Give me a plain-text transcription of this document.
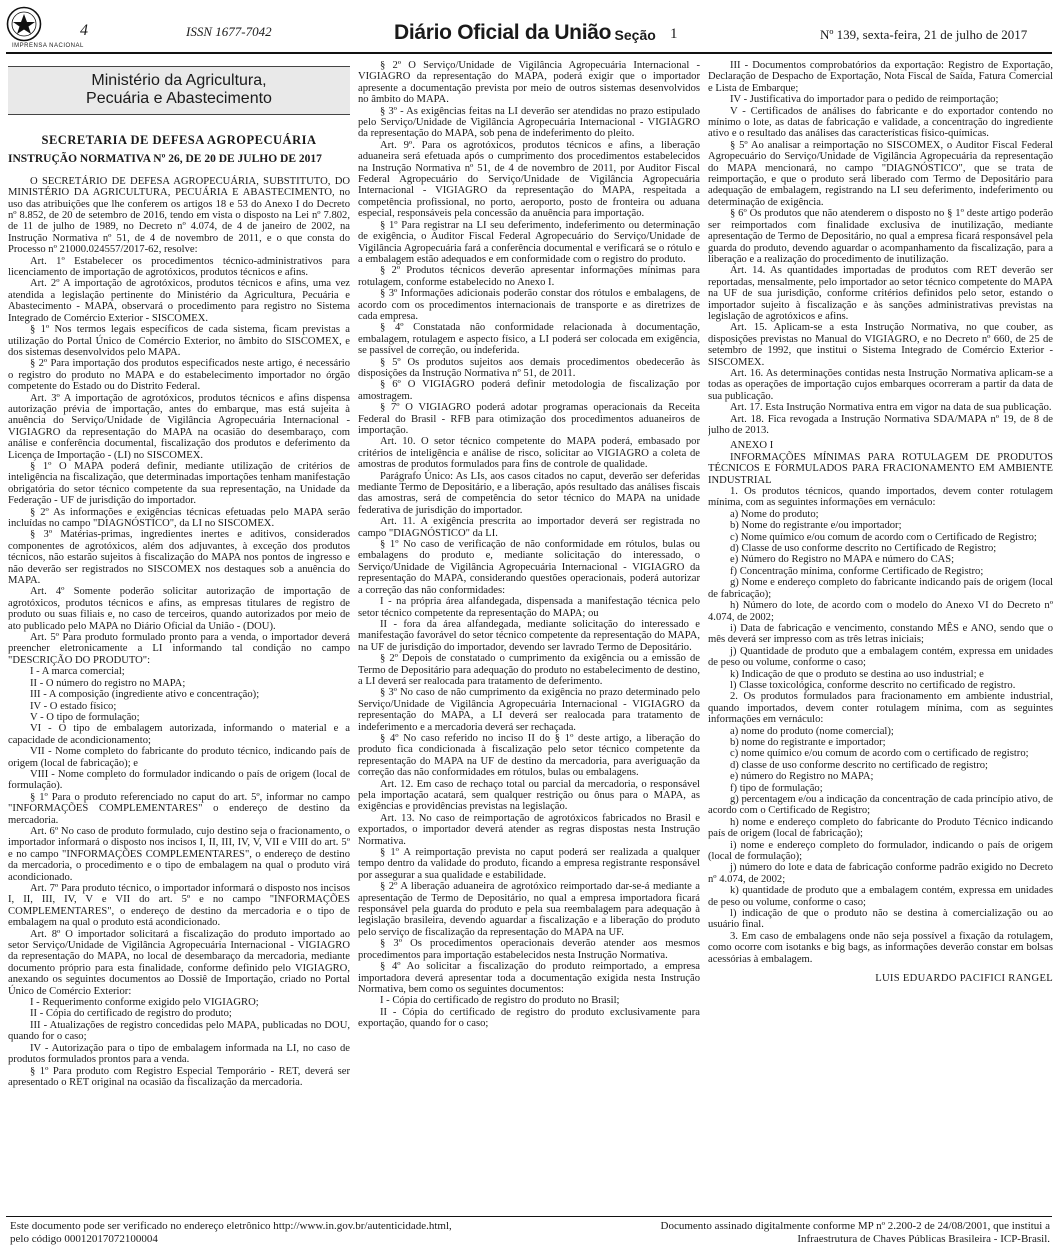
IMPRENSA NACIONAL
4	ISSN 1677-7042	Diário Oficial da União
- Seção 1	Nº 139, sexta-feira, 21 de julho de 2017
Ministério da Agricultura,
Pecuária e Abastecimento
SECRETARIA DE DEFESA AGROPECUÁRIA
INSTRUÇÃO NORMATIVA Nº 26, DE 20 DE JULHO DE 2017

O SECRETÁRIO DE DEFESA AGROPECUÁRIA, SUBSTITUTO, DO MINISTÉRIO DA AGRICULTURA, PECUÁRIA E ABASTECIMENTO, no uso das atribuições que lhe conferem os artigos 18 e 53 do Anexo I do Decreto nº 8.852, de 20 de setembro de 2016, tendo em vista o disposto na Lei nº 7.802, de 11 de julho de 1989, no Decreto nº 4.074, de 4 de janeiro de 2002, na Instrução Normativa nº 51, de 4 de novembro de 2011, e o que consta do Processo nº 21000.024557/2017-62, resolve:

Art. 1º Estabelecer os procedimentos técnico-administrativos para licenciamento de importação de agrotóxicos, produtos técnicos e afins.

Art. 2º A importação de agrotóxicos, produtos técnicos e afins, uma vez atendida a legislação pertinente do Ministério da Agricultura, Pecuária e Abastecimento - MAPA, observará o procedimento para registro no Sistema Integrado de Comércio Exterior - SISCOMEX.

§ 1º Nos termos legais específicos de cada sistema, ficam previstas a utilização do Portal Único de Comércio Exterior, no âmbito do SISCOMEX, e dos sistemas desenvolvidos pelo MAPA.

§ 2º Para importação dos produtos especificados neste artigo, é necessário o registro do produto no MAPA e do estabelecimento importador no órgão competente do Estado ou do Distrito Federal.

Art. 3º A importação de agrotóxicos, produtos técnicos e afins dispensa autorização prévia de importação, antes do embarque, mas está sujeita à anuência do Serviço/Unidade de Vigilância Agropecuária Internacional - VIGIAGRO da representação do MAPA na ocasião do desembaraço, com análise e conferência documental, fiscalização dos produtos e deferimento da Licença de Importação - (LI) no SISCOMEX.

§ 1º O MAPA poderá definir, mediante utilização de critérios de inteligência na fiscalização, que determinadas importações tenham manifestação obrigatória do setor técnico competente da sua representação, na Unidade da Federação - UF de jurisdição do importador.

§ 2º As informações e exigências técnicas efetuadas pelo MAPA serão incluídas no campo "DIAGNÓSTICO", da LI no SISCOMEX.

§ 3º Matérias-primas, ingredientes inertes e aditivos, considerados componentes de agrotóxicos, além dos adjuvantes, à exceção dos produtos técnicos, não estarão sujeitos à fiscalização do MAPA nos pontos de ingresso e não deverão ser registrados no SISCOMEX nos destaques sob a anuência do MAPA.

Art. 4º Somente poderão solicitar autorização de importação de agrotóxicos, produtos técnicos e afins, as empresas titulares de registro de produto ou suas filiais e, no caso de terceiros, quando autorizados por meio de ato publicado pelo MAPA no Diário Oficial da União - (DOU).

Art. 5º Para produto formulado pronto para a venda, o importador deverá preencher eletronicamente a LI informando tal condição no campo "DESCRIÇÃO DO PRODUTO":

I - A marca comercial;

II - O número do registro no MAPA;

III - A composição (ingrediente ativo e concentração);

IV - O estado físico;

V - O tipo de formulação;

VI - O tipo de embalagem autorizada, informando o material e a capacidade de acondicionamento;

VII - Nome completo do fabricante do produto técnico, indicando país de origem (local de fabricação); e

VIII - Nome completo do formulador indicando o país de origem (local de formulação).

§ 1º Para o produto referenciado no caput do art. 5º, informar no campo "INFORMAÇÕES COMPLEMENTARES" o endereço de destino da mercadoria.

Art. 6º No caso de produto formulado, cujo destino seja o fracionamento, o importador informará o disposto nos incisos I, II, III, IV, V, VII e VIII do art. 5º e no campo "INFORMAÇÕES COMPLEMENTARES", o endereço de destino da mercadoria, o procedimento e o tipo de embalagem na qual o produto virá acondicionado.

Art. 7º Para produto técnico, o importador informará o disposto nos incisos I, II, III, IV, V e VII do art. 5º e no campo "INFORMAÇÕES COMPLEMENTARES", o endereço de destino da mercadoria e o tipo de embalagem na qual o produto está acondicionado.

Art. 8º O importador solicitará a fiscalização do produto importado ao setor Serviço/Unidade de Vigilância Agropecuária Internacional - VIGIAGRO da representação do MAPA, no local de desembaraço da mercadoria, mediante documento próprio para esta finalidade, conforme definido pelo VIGIAGRO, anexando os seguintes documentos ao Dossiê de Importação, criado no Portal Único de Comércio Exterior:

I - Requerimento conforme exigido pelo VIGIAGRO;

II - Cópia do certificado de registro do produto;

III - Atualizações de registro concedidas pelo MAPA, publicadas no DOU, quando for o caso;

IV - Autorização para o tipo de embalagem informada na LI, no caso de produtos formulados prontos para a venda.

§ 1º Para produto com Registro Especial Temporário - RET, deverá ser apresentado o RET original na ocasião da fiscalização da mercadoria.

§ 2º O Serviço/Unidade de Vigilância Agropecuária Internacional - VIGIAGRO da representação do MAPA, poderá exigir que o importador apresente a documentação prevista por meio de outros sistemas desenvolvidos no âmbito do MAPA.

§ 3º - As exigências feitas na LI deverão ser atendidas no prazo estipulado pelo Serviço/Unidade de Vigilância Agropecuária Internacional - VIGIAGRO da representação do MAPA, sob pena de indeferimento do pleito.

Art. 9º. Para os agrotóxicos, produtos técnicos e afins, a liberação aduaneira será efetuada após o cumprimento dos procedimentos estabelecidos na Instrução Normativa nº 51, de 4 de novembro de 2011, por Auditor Fiscal Federal Agropecuário do Serviço/Unidade de Vigilância Agropecuária Internacional - VIGIAGRO da representação do MAPA, respeitada a competência profissional, no porto, aeroporto, posto de fronteira ou aduana especial, responsáveis pela concessão da anuência para importação.

§ 1º Para registrar na LI seu deferimento, indeferimento ou determinação de exigência, o Auditor Fiscal Federal Agropecuário do Serviço/Unidade de Vigilância Agropecuária fará a conferência documental e verificará se o rótulo e a embalagem estão adequados e em conformidade com o registro do produto.

§ 2º Produtos técnicos deverão apresentar informações mínimas para rotulagem, conforme estabelecido no Anexo I.

§ 3º Informações adicionais poderão constar dos rótulos e embalagens, de acordo com os procedimentos internacionais de transporte e as diretrizes de cada empresa.

§ 4º Constatada não conformidade relacionada à documentação, embalagem, rotulagem e aspecto físico, a LI poderá ser colocada em exigência, se passível de correção, ou indeferida.

§ 5º Os produtos sujeitos aos demais procedimentos obedecerão às disposições da Instrução Normativa nº 51, de 2011.

§ 6º O VIGIAGRO poderá definir metodologia de fiscalização por amostragem.

§ 7º O VIGIAGRO poderá adotar programas operacionais da Receita Federal do Brasil - RFB para otimização dos procedimentos aduaneiros de importação.

Art. 10. O setor técnico competente do MAPA poderá, embasado por critérios de inteligência e análise de risco, solicitar ao VIGIAGRO a coleta de amostras de produtos formulados para fins de controle de qualidade.

Parágrafo Único: As LIs, aos casos citados no caput, deverão ser deferidas mediante Termo de Depositário, e a liberação, após resultado das análises fiscais das amostras, será de competência do setor técnico do MAPA na unidade federativa de jurisdição do importador.

Art. 11. A exigência prescrita ao importador deverá ser registrada no campo "DIAGNÓSTICO" da LI.

§ 1º No caso de verificação de não conformidade em rótulos, bulas ou embalagens do produto e, mediante solicitação do interessado, o Serviço/Unidade de Vigilância Agropecuária Internacional - VIGIAGRO da representação do MAPA, considerando questões operacionais, poderá autorizar a correção das não conformidades:

I - na própria área alfandegada, dispensada a manifestação técnica pelo setor técnico competente da representação do MAPA; ou

II - fora da área alfandegada, mediante solicitação do interessado e manifestação favorável do setor técnico competente da representação do MAPA, na UF de jurisdição do importador, devendo ser lavrado Termo de Depositário.

§ 2º Depois de constatado o cumprimento da exigência ou a emissão de Termo de Depositário para adequação do produto no estabelecimento de destino, a LI deverá ser realocada para tratamento de deferimento.

§ 3º No caso de não cumprimento da exigência no prazo determinado pelo Serviço/Unidade de Vigilância Agropecuária Internacional - VIGIAGRO da representação do MAPA, a LI deverá ser realocada para tratamento de indeferimento e a mercadoria deverá ser rechaçada.

§ 4º No caso referido no inciso II do § 1º deste artigo, a liberação do produto fica condicionada à fiscalização pelo setor técnico competente da representação do MAPA na UF de destino da mercadoria, para averiguação da correção das não conformidades em rótulos, bulas ou embalagens.

Art. 12. Em caso de rechaço total ou parcial da mercadoria, o responsável pela importação acatará, sem qualquer restrição ou ônus para o MAPA, as exigências e providências previstas na legislação.

Art. 13. No caso de reimportação de agrotóxicos fabricados no Brasil e exportados, o importador deverá atender as regras dispostas nesta Instrução Normativa.

§ 1º A reimportação prevista no caput poderá ser realizada a qualquer tempo dentro da validade do produto, ficando a empresa registrante responsável por assegurar a sua qualidade e estabilidade.

§ 2º A liberação aduaneira de agrotóxico reimportado dar-se-á mediante a apresentação de Termo de Depositário, no qual a empresa importadora ficará responsável pela guarda do produto e pela sua reembalagem para adequação à legislação brasileira, devendo aguardar a fiscalização e a liberação do produto pelo serviço de fiscalização da representação do MAPA na UF.

§ 3º Os procedimentos operacionais deverão atender aos mesmos procedimentos para importação estabelecidos nesta Instrução Normativa.

§ 4º Ao solicitar a fiscalização do produto reimportado, a empresa importadora deverá apresentar toda a documentação exigida nesta Instrução Normativa, bem como os seguintes documentos:

I - Cópia do certificado de registro do produto no Brasil;

II - Cópia do certificado de registro do produto exclusivamente para exportação, quando for o caso;

III - Documentos comprobatórios da exportação: Registro de Exportação, Declaração de Despacho de Exportação, Nota Fiscal de Saída, Fatura Comercial e Lista de Embarque;

IV - Justificativa do importador para o pedido de reimportação;

V - Certificados de análises do fabricante e do exportador contendo no mínimo o lote, as datas de fabricação e validade, a concentração do ingrediente ativo e o resultado das análises das características físico-químicas.

§ 5º Ao analisar a reimportação no SISCOMEX, o Auditor Fiscal Federal Agropecuário do Serviço/Unidade de Vigilância Agropecuária da representação do MAPA mencionará, no campo "DIAGNÓSTICO", que se trata de reimportação, e que o produto será liberado com Termo de Depositário para adequação de embalagem, registrando na LI seu deferimento, indeferimento ou determinação de exigência.

§ 6º Os produtos que não atenderem o disposto no § 1º deste artigo poderão ser reimportados com finalidade exclusiva de inutilização, mediante apresentação de Termo de Depositário, no qual a empresa ficará responsável pela guarda do produto, devendo aguardar o acompanhamento da fiscalização, para a liberação e a realização do procedimento de inutilização.

Art. 14. As quantidades importadas de produtos com RET deverão ser reportadas, mensalmente, pelo importador ao setor técnico competente do MAPA na UF de sua jurisdição, conforme critérios definidos pelo setor, estando o importador sujeito à fiscalização e às sanções administrativas previstas na legislação de agrotóxicos e afins.

Art. 15. Aplicam-se a esta Instrução Normativa, no que couber, as disposições previstas no Manual do VIGIAGRO, e no Decreto nº 660, de 25 de setembro de 1992, que institui o Sistema Integrado de Comércio Exterior - SISCOMEX.

Art. 16. As determinações contidas nesta Instrução Normativa aplicam-se a todas as operações de importação cujos embarques ocorreram a partir da data de sua publicação.

Art. 17. Esta Instrução Normativa entra em vigor na data de sua publicação.

Art. 18. Fica revogada a Instrução Normativa SDA/MAPA nº 19, de 8 de julho de 2013.

ANEXO I

INFORMAÇÕES MÍNIMAS PARA ROTULAGEM DE PRODUTOS TÉCNICOS E FORMULADOS PARA FRACIONAMENTO EM AMBIENTE INDUSTRIAL

1. Os produtos técnicos, quando importados, devem conter rotulagem mínima, com as seguintes informações em vernáculo:

a) Nome do produto;

b) Nome do registrante e/ou importador;

c) Nome químico e/ou comum de acordo com o Certificado de Registro;

d) Classe de uso conforme descrito no Certificado de Registro;

e) Número do Registro no MAPA e número do CAS;

f) Concentração mínima, conforme Certificado de Registro;

g) Nome e endereço completo do fabricante indicando país de origem (local de fabricação);

h) Número do lote, de acordo com o modelo do Anexo VI do Decreto nº 4.074, de 2002;

i) Data de fabricação e vencimento, constando MÊS e ANO, sendo que o mês deverá ser impresso com as três letras iniciais;

j) Quantidade de produto que a embalagem contém, expressa em unidades de peso ou volume, conforme o caso;

k) Indicação de que o produto se destina ao uso industrial; e

l) Classe toxicológica, conforme descrito no certificado de registro.

2. Os produtos formulados para fracionamento em ambiente industrial, quando importados, devem conter rotulagem mínima, com as seguintes informações em vernáculo:

a) nome do produto (nome comercial);

b) nome do registrante e importador;

c) nome químico e/ou comum de acordo com o certificado de registro;

d) classe de uso conforme descrito no certificado de registro;

e) número do Registro no MAPA;

f) tipo de formulação;

g) percentagem e/ou a indicação da concentração de cada princípio ativo, de acordo com o Certificado de Registro;

h) nome e endereço completo do fabricante do Produto Técnico indicando país de origem (local de fabricação);

i) nome e endereço completo do formulador, indicando o país de origem (local de formulação);

j) número do lote e data de fabricação conforme padrão exigido no Decreto nº 4.074, de 2002;

k) quantidade de produto que a embalagem contém, expressa em unidades de peso ou volume, conforme o caso;

l) indicação de que o produto não se destina à comercialização ou ao usuário final.

3. Em caso de embalagens onde não seja possível a fixação da rotulagem, como ocorre com isotanks e big bags, as informações deverão constar em bolsas acessórias à embalagem.

LUIS EDUARDO PACIFICI RANGEL
Este documento pode ser verificado no endereço eletrônico http://www.in.gov.br/autenticidade.html,
pelo código 00012017072100004
Documento assinado digitalmente conforme MP nº 2.200-2 de 24/08/2001, que institui a
Infraestrutura de Chaves Públicas Brasileira - ICP-Brasil.
